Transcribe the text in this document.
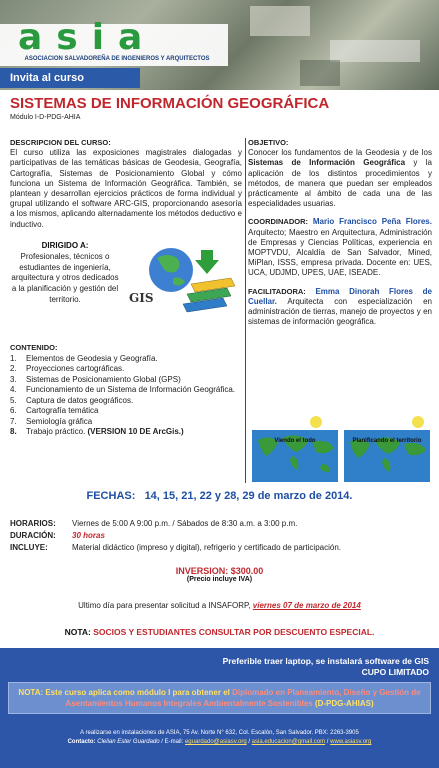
asia
ASOCIACION SALVADOREÑA DE INGENIEROS Y ARQUITECTOS
Invita al curso
SISTEMAS DE INFORMACIÓN GEOGRÁFICA
Módulo I-D-PDG-AHIA
DESCRIPCION DEL CURSO:
El curso utiliza las exposiciones magistrales dialogadas y participativas de las temáticas básicas de Geodesia, Geografía, Cartografía, Sistemas de Posicionamiento Global y cómo funciona un Sistema de Información Geográfica. También, se plantean y desarrollan ejercicios prácticos de forma individual y grupal utilizando el software ARC-GIS, proporcionando asesoría a los mismos, aplicando alternadamente los métodos deductivo e inductivo.
DIRIGIDO A:
Profesionales, técnicos o estudiantes de ingeniería, arquitectura y otros dedicados a la planificación y gestión del territorio.	GIS
CONTENIDO:
1.	Elementos de Geodesia y Geografía.
2.	Proyecciones cartográficas.
3.	Sistemas de Posicionamiento Global (GPS)
4.	Funcionamiento de un Sistema de Información Geográfica.
5.	Captura de datos geográficos.
6.	Cartografía temática
7.	Semiología gráfica
8.	Trabajo práctico. (VERSION 10 DE ArcGis.)
OBJETIVO:
Conocer los fundamentos de la Geodesia y de los Sistemas de Información Geográfica y la aplicación de los distintos procedimientos y métodos, de manera que puedan ser empleados prácticamente al ámbito de cada una de las especialidades usuarias.
COORDINADOR: Mario Francisco Peña Flores. Arquitecto; Maestro en Arquitectura, Administración de Empresas y Ciencias Políticas, experiencia en MOPTVDU, Alcaldía de San Salvador, Mined, MiPlan, ISSS, empresa privada. Docente en: UES, UCA, UDJMD, UPES, UAE, ISEADE.
FACILITADORA: Emma Dinorah Flores de Cuellar. Arquitecta con especialización en administración de tierras, manejo de proyectos y en sistemas de información geográfica.
Viendo el todo	Planificando el territorio
FECHAS: 14, 15, 21, 22 y 28, 29 de marzo de 2014.
HORARIOS:	Viernes de 5:00 A 9:00 p.m. / Sábados de 8:30 a.m. a 3:00 p.m.
DURACIÓN:	30 horas
INCLUYE:	Material didáctico (impreso y digital), refrigerio y certificado de participación.
INVERSION: $300.00
(Precio incluye IVA)
Ultimo día para presentar solicitud a INSAFORP, viernes 07 de marzo de 2014
NOTA: SOCIOS Y ESTUDIANTES CONSULTAR POR DESCUENTO ESPECIAL.
Preferible traer laptop, se instalará software de GIS
CUPO LIMITADO
NOTA: Este curso aplica como módulo I para obtener el Diplomado en Planeamiento, Diseño y Gestión de Asentamientos Humanos Integrales Ambientalmente Sostenibles (D-PDG-AHIAS)
A realizarse en instalaciones de ASIA, 75 Av. Norte N° 632, Col. Escalón, San Salvador. PBX: 2263-3905
Contacto: Clelian Ester Guardado / E-mail: eguardado@asiasv.org / asia.educacion@gmail.com / www.asiasv.org
